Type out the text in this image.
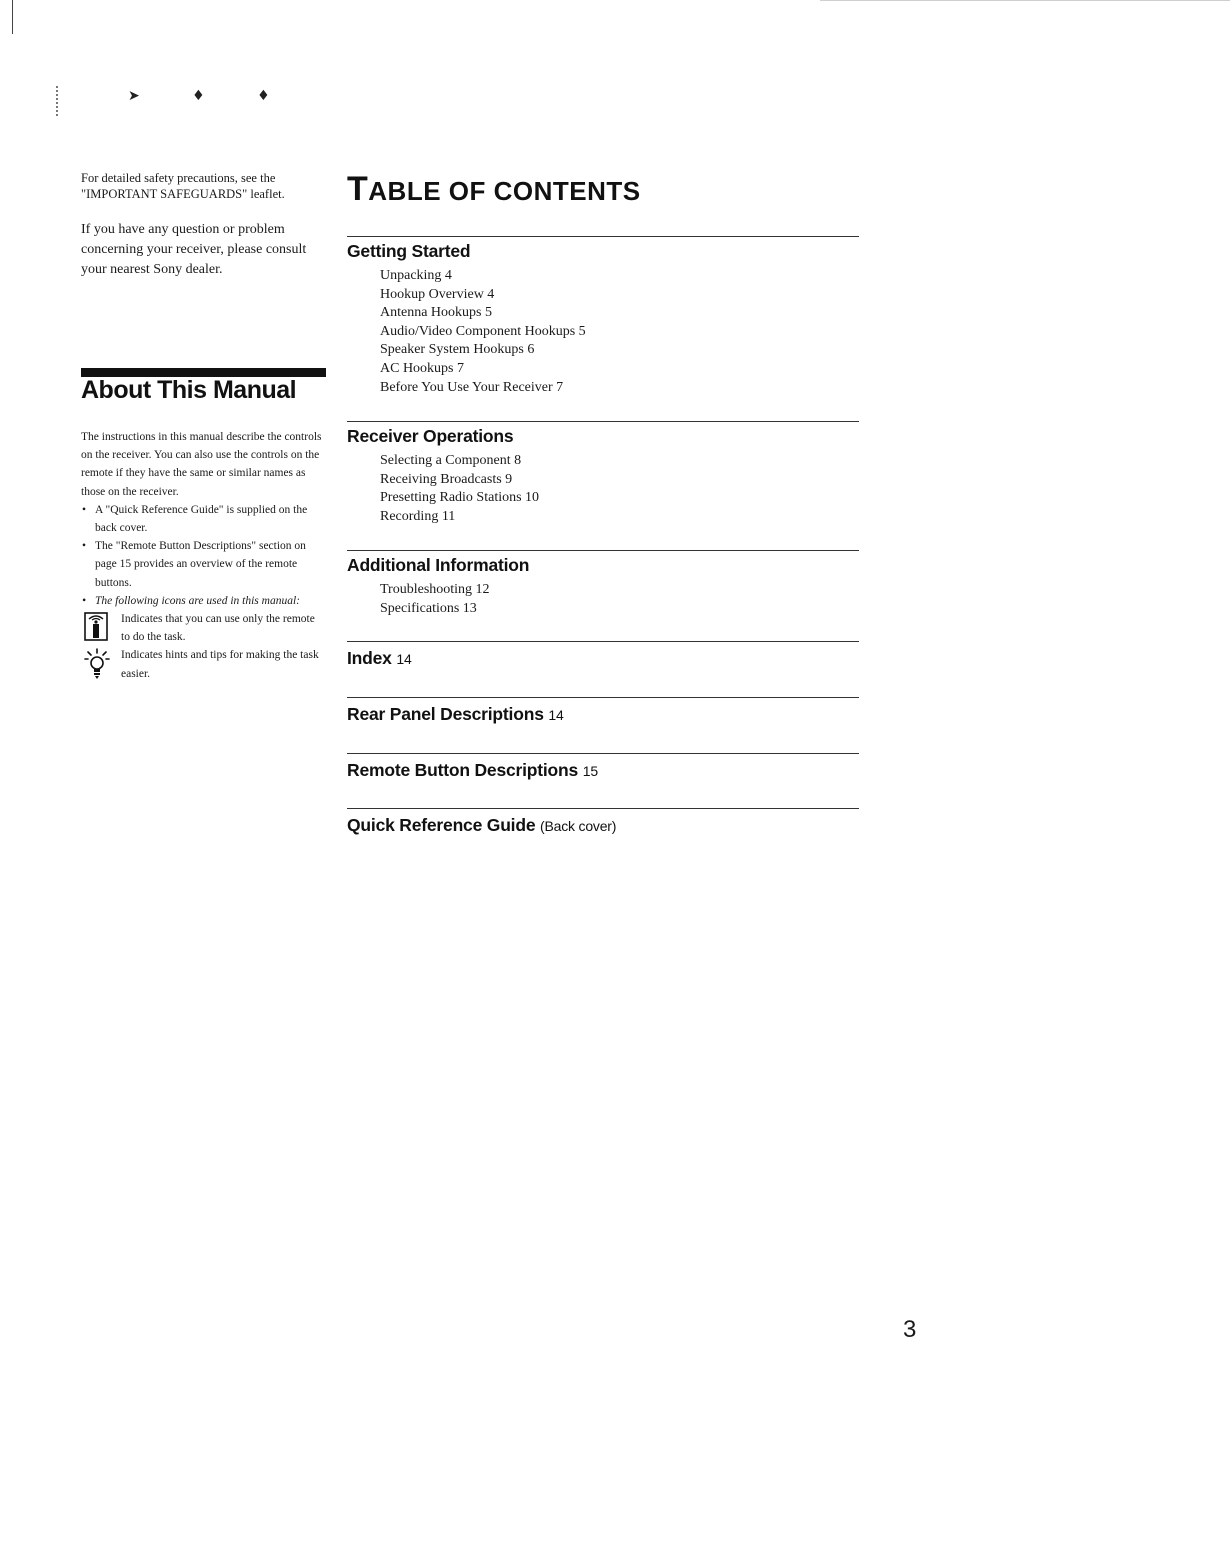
➤ ♦ ♦

For detailed safety precautions, see the "IMPORTANT SAFEGUARDS" leaflet.

If you have any question or problem concerning your receiver, please consult your nearest Sony dealer.

About This Manual

The instructions in this manual describe the controls on the receiver. You can also use the controls on the remote if they have the same or similar names as those on the receiver.

• A "Quick Reference Guide" is supplied on the back cover.
• The "Remote Button Descriptions" section on page 15 provides an overview of the remote buttons.
• The following icons are used in this manual:
Indicates that you can use only the remote to do the task.
Indicates hints and tips for making the task easier.
TABLE OF CONTENTS
Getting Started
Unpacking 4
Hookup Overview 4
Antenna Hookups 5
Audio/Video Component Hookups 5
Speaker System Hookups 6
AC Hookups 7
Before You Use Your Receiver 7
Receiver Operations
Selecting a Component 8
Receiving Broadcasts 9
Presetting Radio Stations 10
Recording 11
Additional Information
Troubleshooting 12
Specifications 13
Index 14
Rear Panel Descriptions 14
Remote Button Descriptions 15
Quick Reference Guide (Back cover)
3
